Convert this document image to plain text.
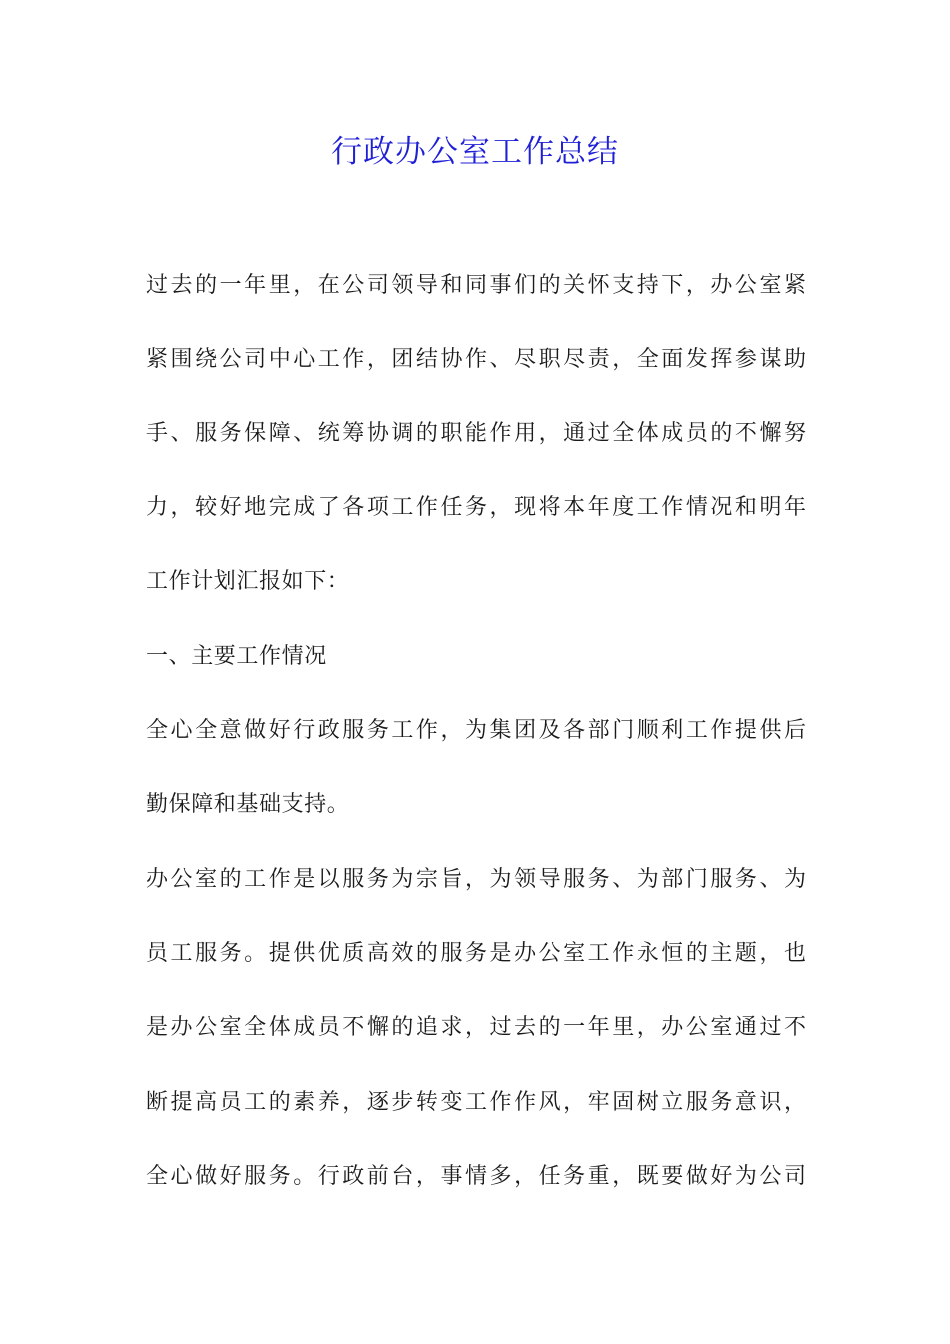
行政办公室工作总结
过去的一年里，在公司领导和同事们的关怀支持下，办公室紧
紧围绕公司中心工作，团结协作、尽职尽责，全面发挥参谋助
手、服务保障、统筹协调的职能作用，通过全体成员的不懈努
力，较好地完成了各项工作任务，现将本年度工作情况和明年
工作计划汇报如下：
一、主要工作情况
全心全意做好行政服务工作，为集团及各部门顺利工作提供后
勤保障和基础支持。
办公室的工作是以服务为宗旨，为领导服务、为部门服务、为
员工服务。提供优质高效的服务是办公室工作永恒的主题，也
是办公室全体成员不懈的追求，过去的一年里，办公室通过不
断提高员工的素养，逐步转变工作作风，牢固树立服务意识，
全心做好服务。行政前台，事情多，任务重，既要做好为公司
